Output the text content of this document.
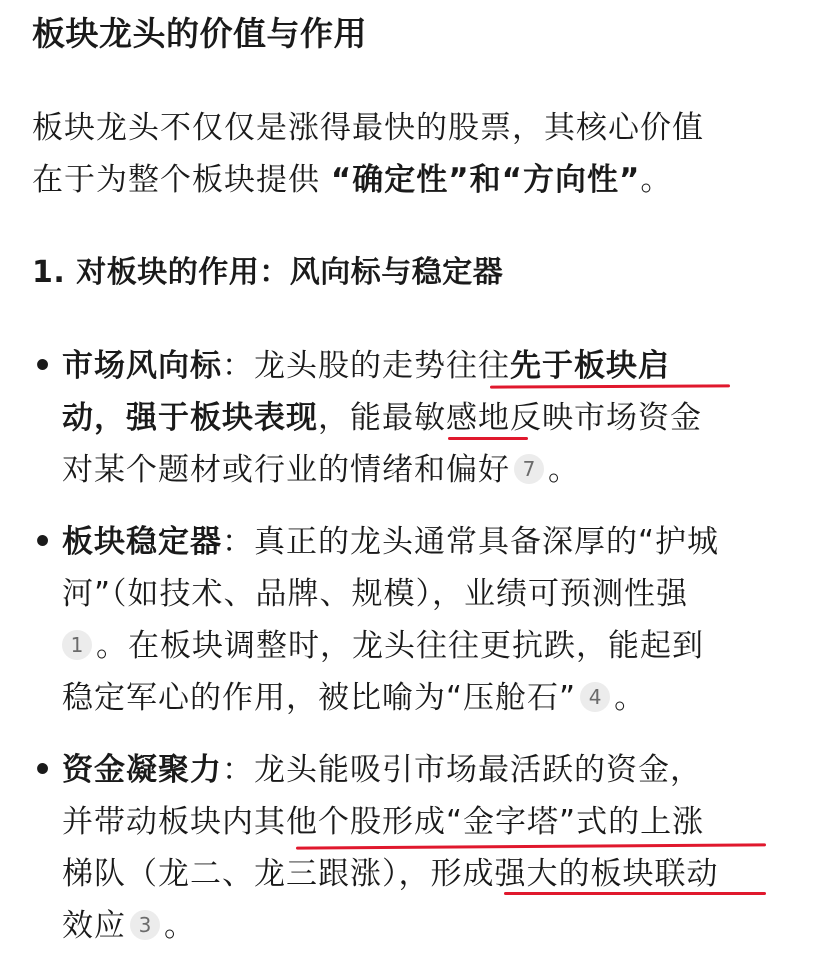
板块龙头的价值与作用
板块龙头不仅仅是涨得最快的股票，其核心价值
在于为整个板块提供 “确定性”和“方向性”。
1. 对板块的作用：风向标与稳定器
• 市场风向标：龙头股的走势往往先于板块启
动，强于板块表现，能最敏感地反映市场资金
对某个题材或行业的情绪和偏好 7 。
• 板块稳定器：真正的龙头通常具备深厚的“护城
河”（如技术、品牌、规模），业绩可预测性强
1 。在板块调整时，龙头往往更抗跌，能起到
稳定军心的作用，被比喻为“压舱石” 4 。
• 资金凝聚力：龙头能吸引市场最活跃的资金，
并带动板块内其他个股形成“金字塔”式的上涨
梯队（龙二、龙三跟涨），形成强大的板块联动
效应 3 。
